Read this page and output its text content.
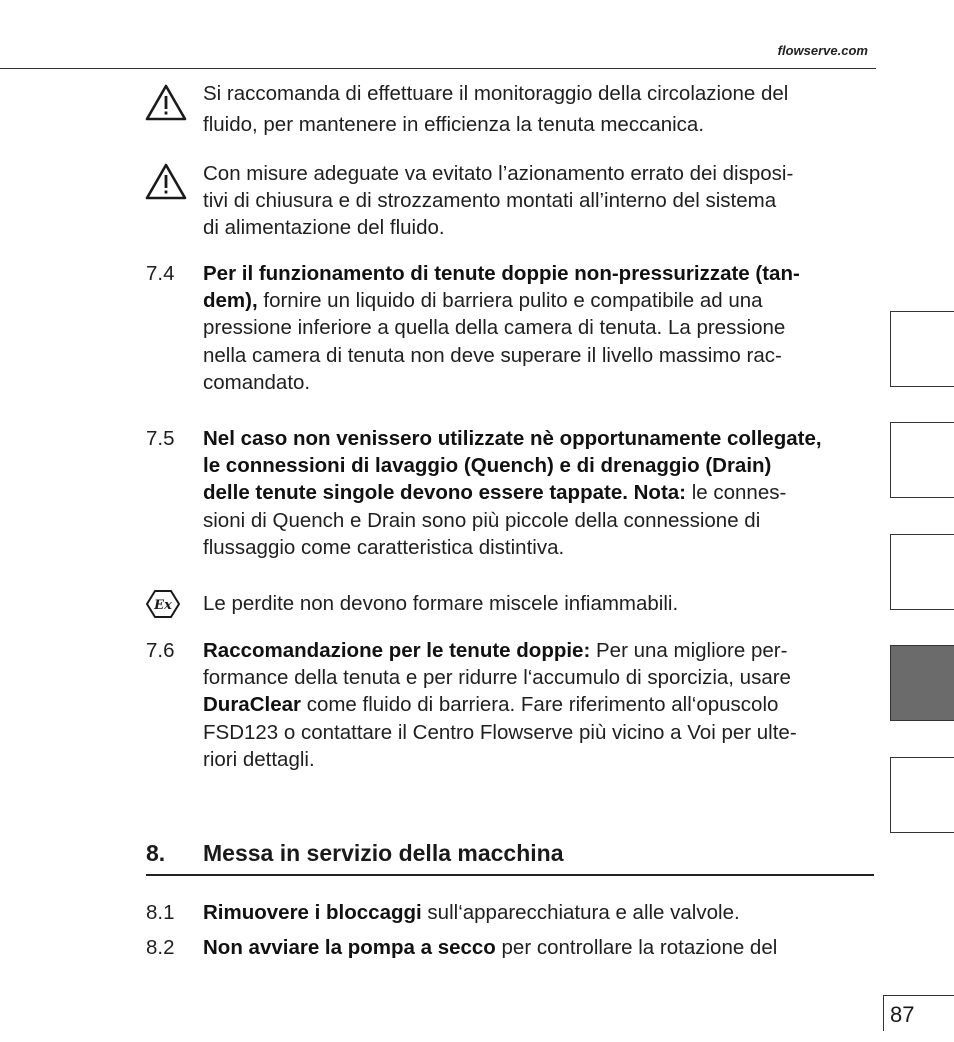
flowserve.com
Si raccomanda di effettuare il monitoraggio della circolazione del
fluido, per mantenere in efficienza la tenuta meccanica.
Con misure adeguate va evitato l’azionamento errato dei disposi-
tivi di chiusura e di strozzamento montati all’interno del sistema
di alimentazione del fluido.
7.4 Per il funzionamento di tenute doppie non-pressurizzate (tan-
dem), fornire un liquido di barriera pulito e compatibile ad una
pressione inferiore a quella della camera di tenuta. La pressione
nella camera di tenuta non deve superare il livello massimo rac-
comandato.
7.5 Nel caso non venissero utilizzate nè opportunamente collegate,
le connessioni di lavaggio (Quench) e di drenaggio (Drain)
delle tenute singole devono essere tappate. Nota: le connes-
sioni di Quench e Drain sono più piccole della connessione di
flussaggio come caratteristica distintiva.
Ex Le perdite non devono formare miscele infiammabili.
7.6 Raccomandazione per le tenute doppie: Per una migliore per-
formance della tenuta e per ridurre l‘accumulo di sporcizia, usare
DuraClear come fluido di barriera. Fare riferimento all‘opuscolo
FSD123 o contattare il Centro Flowserve più vicino a Voi per ulte-
riori dettagli.
8. Messa in servizio della macchina
8.1 Rimuovere i bloccaggi sull‘apparecchiatura e alle valvole.
8.2 Non avviare la pompa a secco per controllare la rotazione del
87
